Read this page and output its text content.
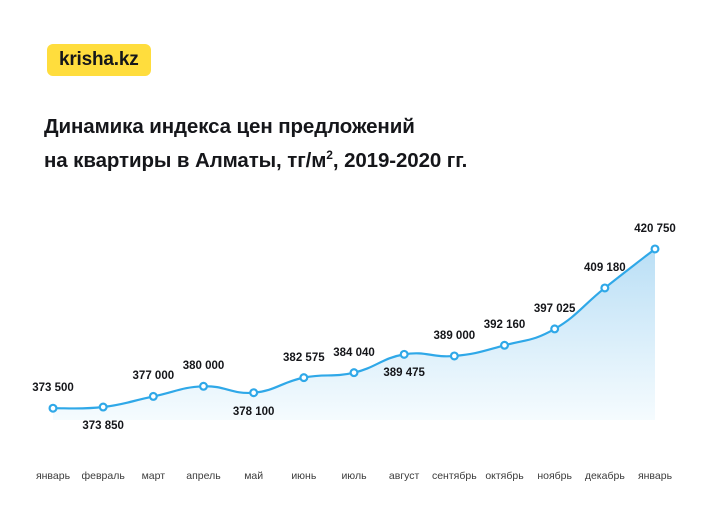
krisha.kz
Динамика индекса цен предложений
на квартиры в Алматы, $тг/м^2$, 2019-2020 гг.
373 500
373 850
377 000
380 000
378 100
382 575 384 040
389 475
389 000
392 160
397 025
409 180
420 750
январь февраль март апрель май	июнь июль август сентябрь октябрь ноябрь декабрь январь
